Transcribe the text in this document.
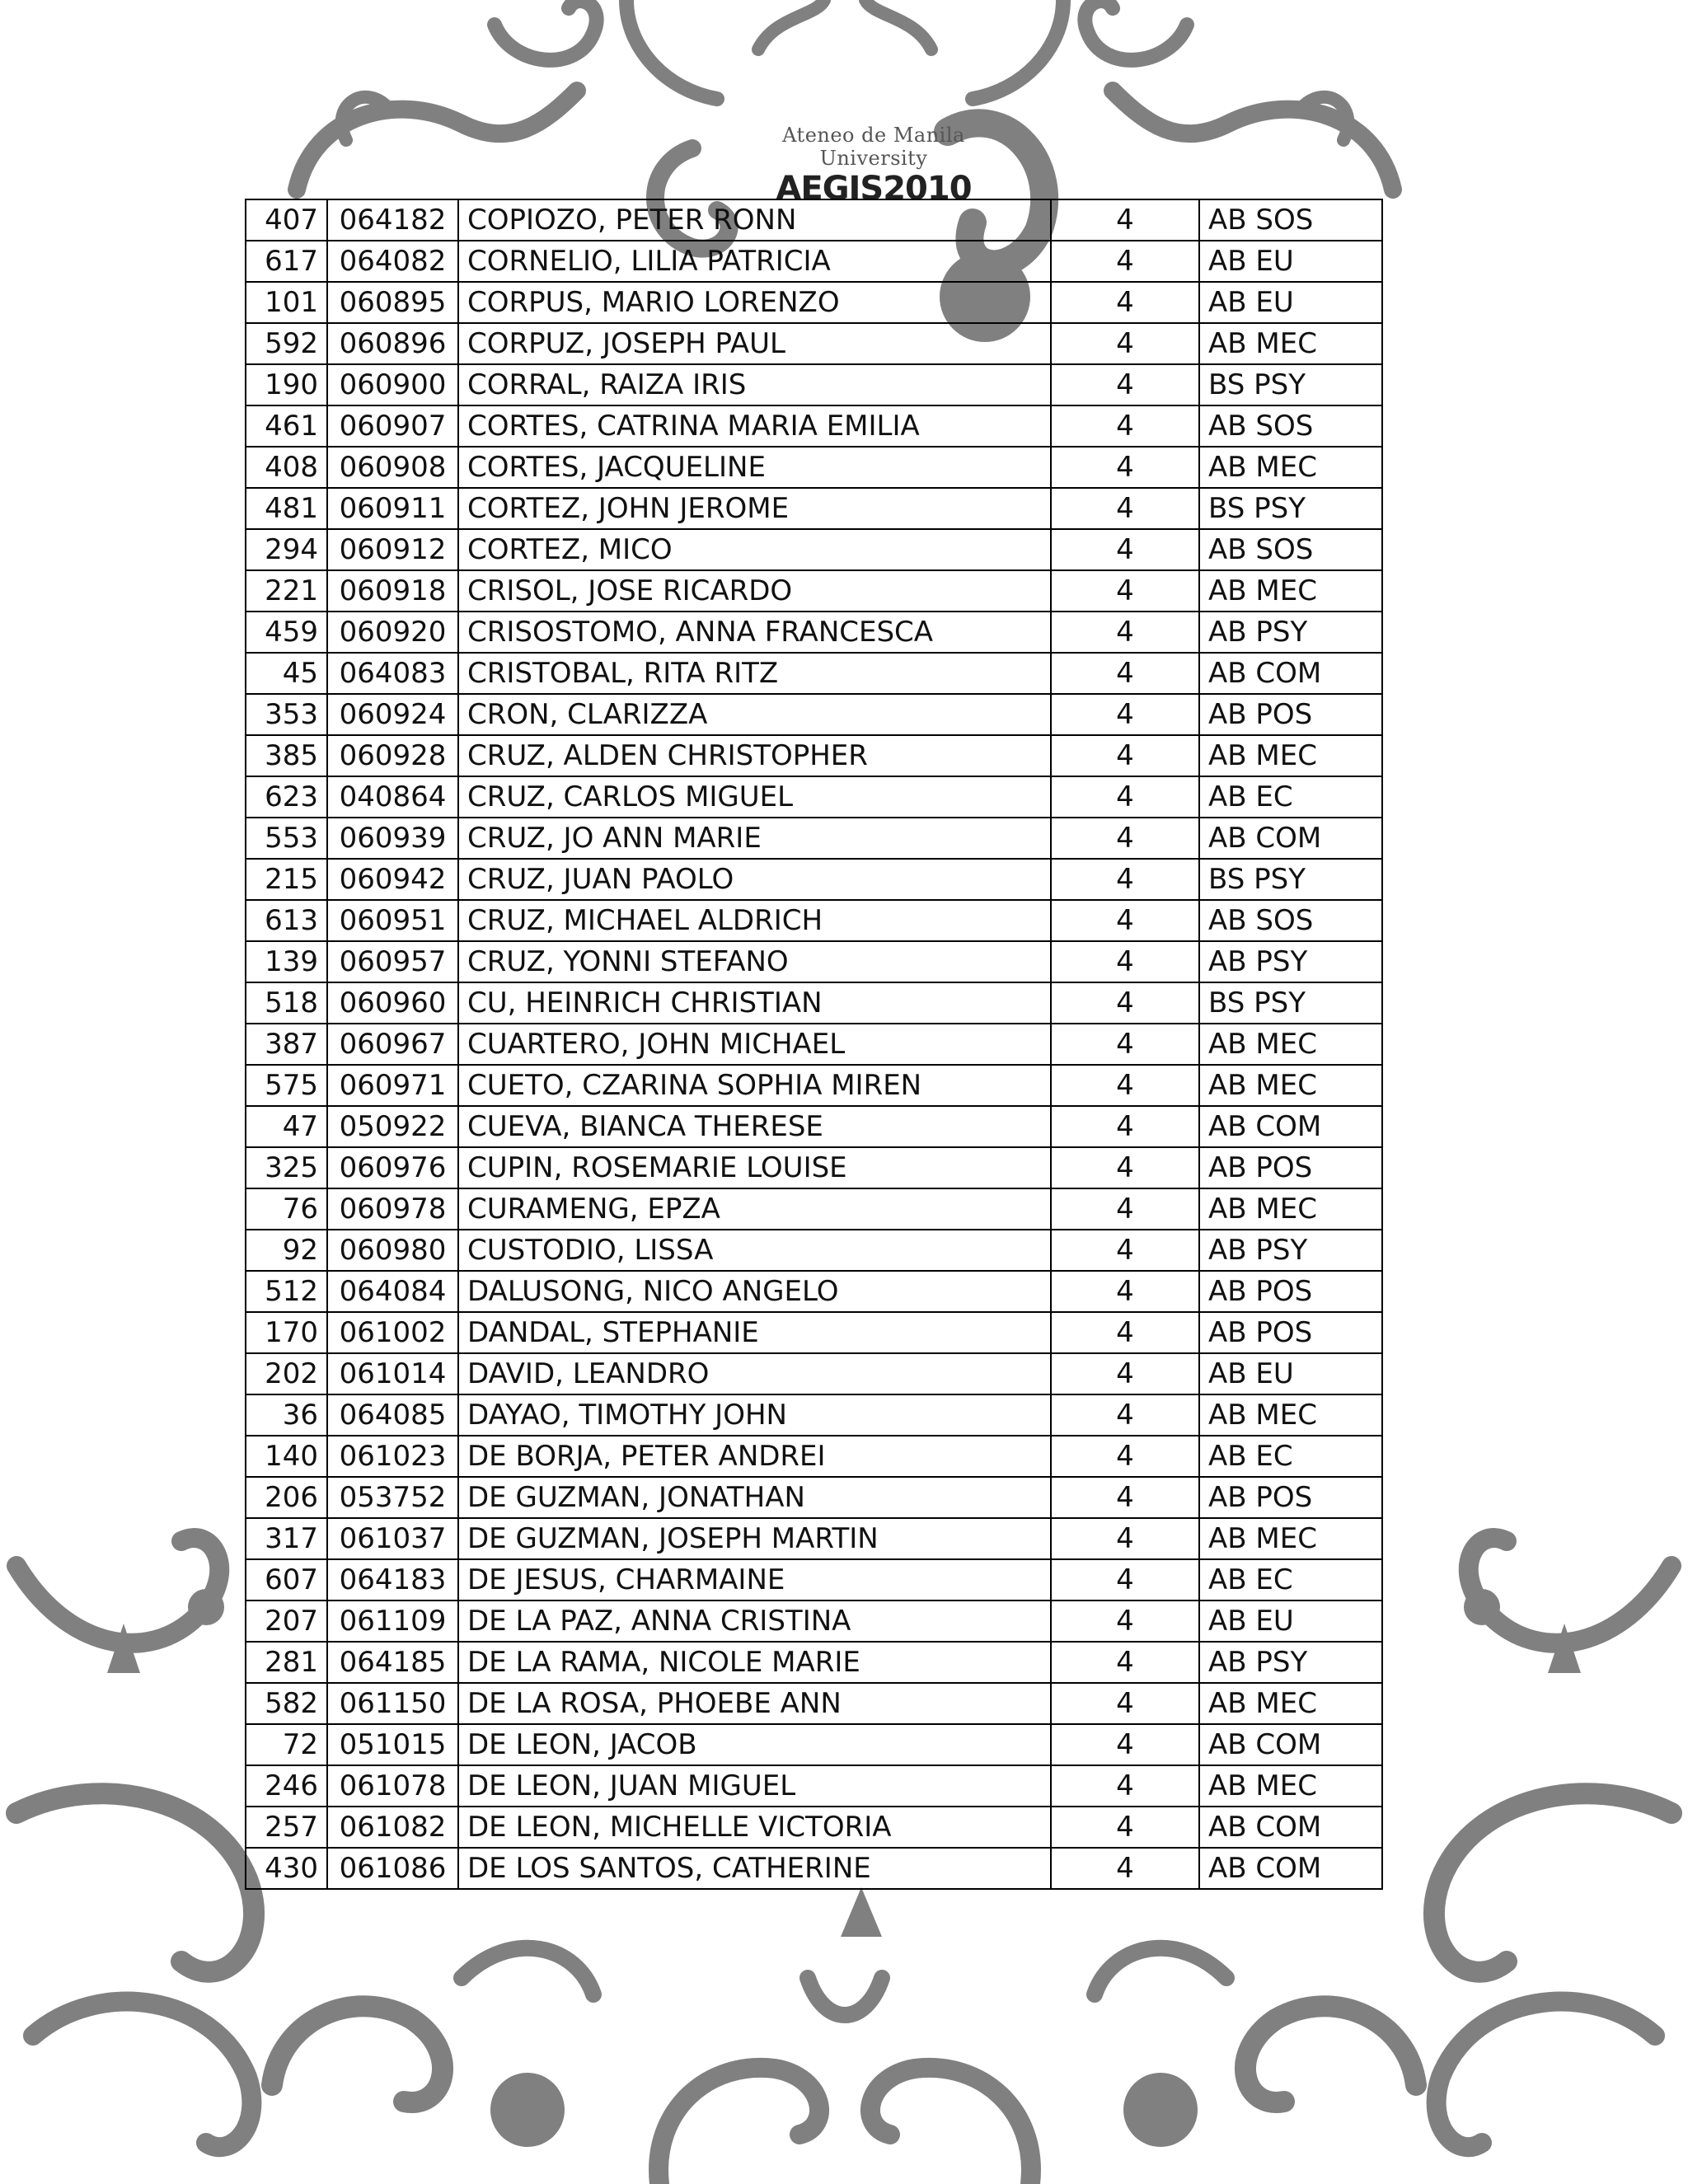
Ateneo de Manila University
AEGIS2010
407	064182	COPIOZO, PETER RONN	4	AB SOS
617	064082	CORNELIO, LILIA PATRICIA	4	AB EU
101	060895	CORPUS, MARIO LORENZO	4	AB EU
592	060896	CORPUZ, JOSEPH PAUL	4	AB MEC
190	060900	CORRAL, RAIZA IRIS	4	BS PSY
461	060907	CORTES, CATRINA MARIA EMILIA	4	AB SOS
408	060908	CORTES, JACQUELINE	4	AB MEC
481	060911	CORTEZ, JOHN JEROME	4	BS PSY
294	060912	CORTEZ, MICO	4	AB SOS
221	060918	CRISOL, JOSE RICARDO	4	AB MEC
459	060920	CRISOSTOMO, ANNA FRANCESCA	4	AB PSY
45	064083	CRISTOBAL, RITA RITZ	4	AB COM
353	060924	CRON, CLARIZZA	4	AB POS
385	060928	CRUZ, ALDEN CHRISTOPHER	4	AB MEC
623	040864	CRUZ, CARLOS MIGUEL	4	AB EC
553	060939	CRUZ, JO ANN MARIE	4	AB COM
215	060942	CRUZ, JUAN PAOLO	4	BS PSY
613	060951	CRUZ, MICHAEL ALDRICH	4	AB SOS
139	060957	CRUZ, YONNI STEFANO	4	AB PSY
518	060960	CU, HEINRICH CHRISTIAN	4	BS PSY
387	060967	CUARTERO, JOHN MICHAEL	4	AB MEC
575	060971	CUETO, CZARINA SOPHIA MIREN	4	AB MEC
47	050922	CUEVA, BIANCA THERESE	4	AB COM
325	060976	CUPIN, ROSEMARIE LOUISE	4	AB POS
76	060978	CURAMENG, EPZA	4	AB MEC
92	060980	CUSTODIO, LISSA	4	AB PSY
512	064084	DALUSONG, NICO ANGELO	4	AB POS
170	061002	DANDAL, STEPHANIE	4	AB POS
202	061014	DAVID, LEANDRO	4	AB EU
36	064085	DAYAO, TIMOTHY JOHN	4	AB MEC
140	061023	DE BORJA, PETER ANDREI	4	AB EC
206	053752	DE GUZMAN, JONATHAN	4	AB POS
317	061037	DE GUZMAN, JOSEPH MARTIN	4	AB MEC
607	064183	DE JESUS, CHARMAINE	4	AB EC
207	061109	DE LA PAZ, ANNA CRISTINA	4	AB EU
281	064185	DE LA RAMA, NICOLE MARIE	4	AB PSY
582	061150	DE LA ROSA, PHOEBE ANN	4	AB MEC
72	051015	DE LEON, JACOB	4	AB COM
246	061078	DE LEON, JUAN MIGUEL	4	AB MEC
257	061082	DE LEON, MICHELLE VICTORIA	4	AB COM
430	061086	DE LOS SANTOS, CATHERINE	4	AB COM
